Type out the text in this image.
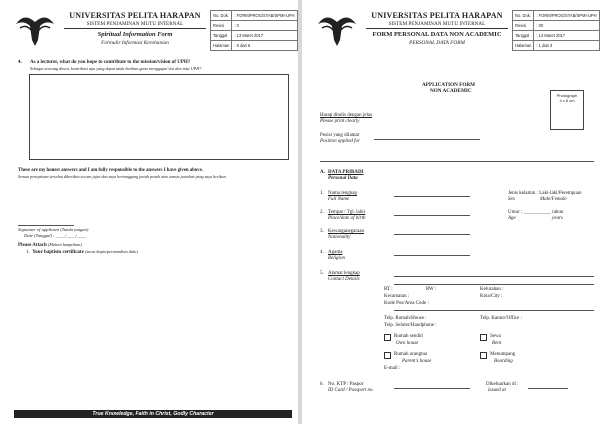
UNIVERSITAS PELITA HARAPAN
SISTEM PENJAMINAN MUTU INTERNAL
Spiritual Information Form
Formulir Informasi Kerohanian
No. Dok.	: FORM/PROG/STAB/SPMI-UPH
Revisi	: 0
Tanggal	: 13 Maret 2017
Halaman	: 6 dari 6
4. As a lecturer, what do you hope to contribute to the mission/vision of UPH?
Sebagai seorang dosen, kontribusi apa yang dapat anda berikan guna menggapai visi dan misi UPH?
These are my honest answers and I am fully responsible to the answers I have given above.
Semua pernyataan tersebut diberikan secara jujur dan saya bertanggung jawab penuh atas semua jawaban yang saya berikan.
Signature of applicant (Tanda tangan)
Date (Tanggal) : ____/____/____
Please Attach (Mohon lampirkan)
1. Your baptism certificate (surat bapis/permandian dulu)
True Knowledge, Faith in Christ, Godly Character
UNIVERSITAS PELITA HARAPAN
SISTEM PENJAMINAN MUTU INTERNAL
FORM PERSONAL DATA NON ACADEMIC
PERSONAL DATA FORM
No. Dok.	: FORM/PROG/STAB/SPMI-UPH
Revisi	: 00
Tanggal	: 13 Maret 2017
Halaman	: 1 dari 3
APPLICATION FORM
NON ACADEMIC
Photograph
4 x 6 cm
Harap ditulis dengan jelas
Please print clearly
Posisi yang dilamar
Position applied for
A. DATA PRIBADI
Personal Data
1. Nama lengkap
Full Name
Jenis kelamin : Laki-laki/Perempuan
Sex	Male/Female
2. Tempat / Tgl. lahir
Place/date of birth
Umur : ___________ tahun
Age	years
3. Kewarganegaraan
Nationality
4. Agama
Religion
5. Alamat lengkap
Contact Details
RT :	RW :	Kelurahan :
Kecamatan :	Kota/City :
Kode Pos/Area Code :
Telp. Rumah/House :	Telp. Kantor/Office :
Telp. Seluler/Handphone :
Rumah sendiri
Own house
Sewa
Rent
Rumah orangtua
Parent's house
Menumpang
Boarding
E-mail :
6. No. KTP / Paspor
ID Card / Passport no.
Dikeluarkan di :
Issued at
